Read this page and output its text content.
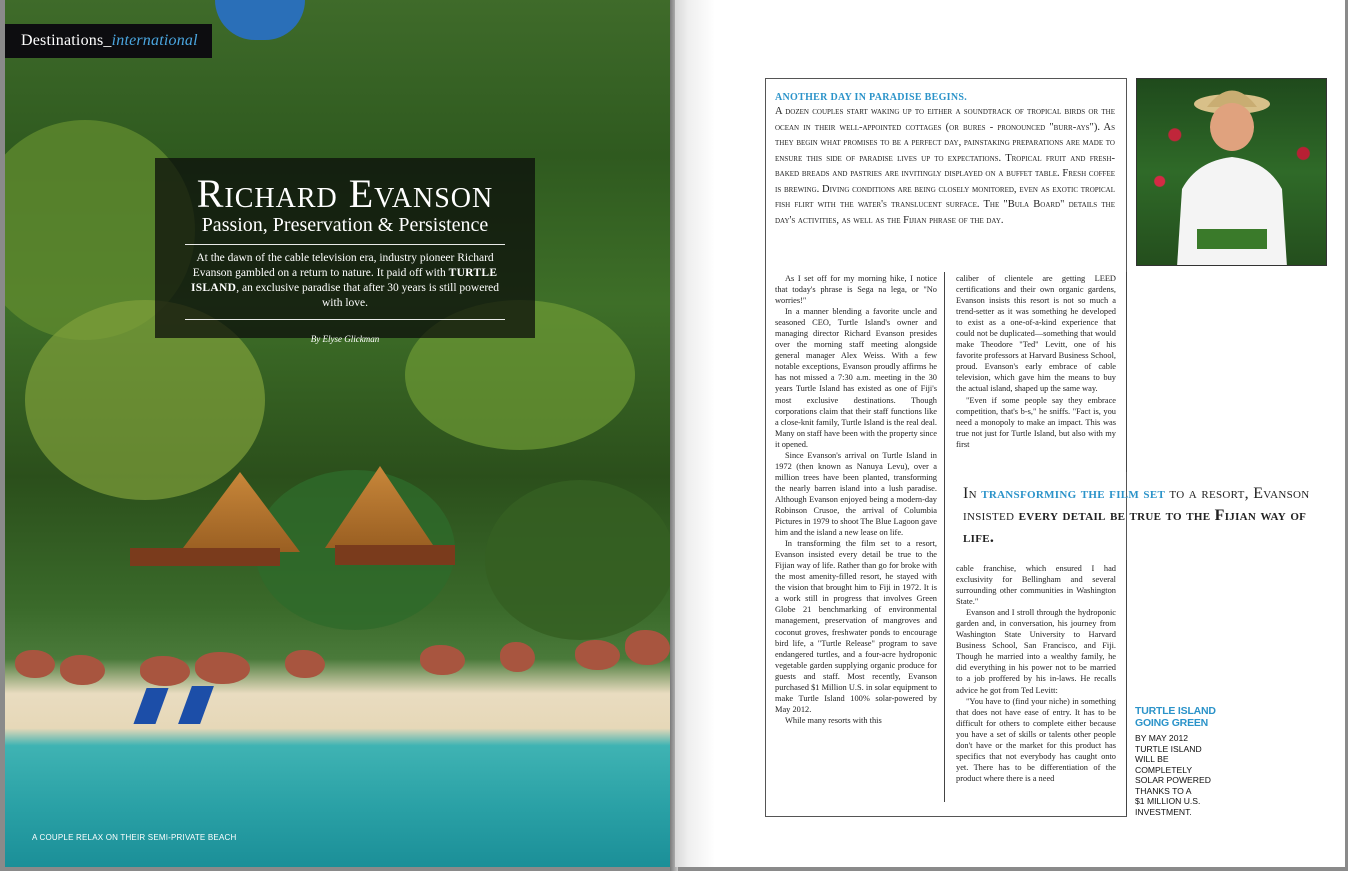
Destinations_ international
Richard Evanson
Passion, Preservation & Persistence
At the dawn of the cable television era, industry pioneer Richard Evanson gambled on a return to nature. It paid off with TURTLE ISLAND, an exclusive paradise that after 30 years is still powered with love.
By Elyse Glickman
A COUPLE RELAX ON THEIR SEMI-PRIVATE BEACH
ANOTHER DAY IN PARADISE BEGINS.
A dozen couples start waking up to either a soundtrack of tropical birds or the ocean in their well-appointed cottages (or bures - pronounced "burr-ays"). As they begin what promises to be a perfect day, painstaking preparations are made to ensure this side of paradise lives up to expectations. Tropical fruit and fresh-baked breads and pastries are invitingly displayed on a buffet table. Fresh coffee is brewing. Diving conditions are being closely monitored, even as exotic tropical fish flirt with the water's translucent surface. The "Bula Board" details the day's activities, as well as the Fijian phrase of the day.

As I set off for my morning hike, I notice that today's phrase is Sega na lega, or "No worries!"

In a manner blending a favorite uncle and seasoned CEO, Turtle Island's owner and managing director Richard Evanson presides over the morning staff meeting alongside general manager Alex Weiss. With a few notable exceptions, Evanson proudly affirms he has not missed a 7:30 a.m. meeting in the 30 years Turtle Island has existed as one of Fiji's most exclusive destinations. Though corporations claim that their staff functions like a close-knit family, Turtle Island is the real deal. Many on staff have been with the property since it opened.

Since Evanson's arrival on Turtle Island in 1972 (then known as Nanuya Levu), over a million trees have been planted, transforming the nearly barren island into a lush paradise. Although Evanson enjoyed being a modern-day Robinson Crusoe, the arrival of Columbia Pictures in 1979 to shoot The Blue Lagoon gave him and the island a new lease on life.

In transforming the film set to a resort, Evanson insisted every detail be true to the Fijian way of life. Rather than go for broke with the most amenity-filled resort, he stayed with the vision that brought him to Fiji in 1972. It is a work still in progress that involves Green Globe 21 benchmarking of environmental management, preservation of mangroves and coconut groves, freshwater ponds to encourage bird life, a "Turtle Release" program to save endangered turtles, and a four-acre hydroponic vegetable garden supplying organic produce for guests and staff. Most recently, Evanson purchased $1 Million U.S. in solar equipment to make Turtle Island 100% solar-powered by May 2012.

While many resorts with this

caliber of clientele are getting LEED certifications and their own organic gardens, Evanson insists this resort is not so much a trend-setter as it was something he developed to exist as a one-of-a-kind experience that could not be duplicated—something that would make Theodore "Ted" Levitt, one of his favorite professors at Harvard Business School, proud. Evanson's early embrace of cable television, which gave him the means to buy the actual island, shaped up the same way.

"Even if some people say they embrace competition, that's b-s," he sniffs. "Fact is, you need a monopoly to make an impact. This was true not just for Turtle Island, but also with my first

In transforming the film set to a resort, Evanson insisted every detail be true to the Fijian way of life.

cable franchise, which ensured I had exclusivity for Bellingham and several surrounding other communities in Washington State."

Evanson and I stroll through the hydroponic garden and, in conversation, his journey from Washington State University to Harvard Business School, San Francisco, and Fiji. Though he married into a wealthy family, he did everything in his power not to be married to a job proffered by his in-laws. He recalls advice he got from Ted Levitt:

"You have to (find your niche) in something that does not have ease of entry. It has to be difficult for others to complete either because you have a set of skills or talents other people don't have or the market for this product has specifics that not everybody has caught onto yet. There has to be differentiation of the product where there is a need

TURTLE ISLAND
GOING GREEN
BY MAY 2012
TURTLE ISLAND
WILL BE
COMPLETELY
SOLAR POWERED
THANKS TO A
$1 MILLION U.S.
INVESTMENT.
